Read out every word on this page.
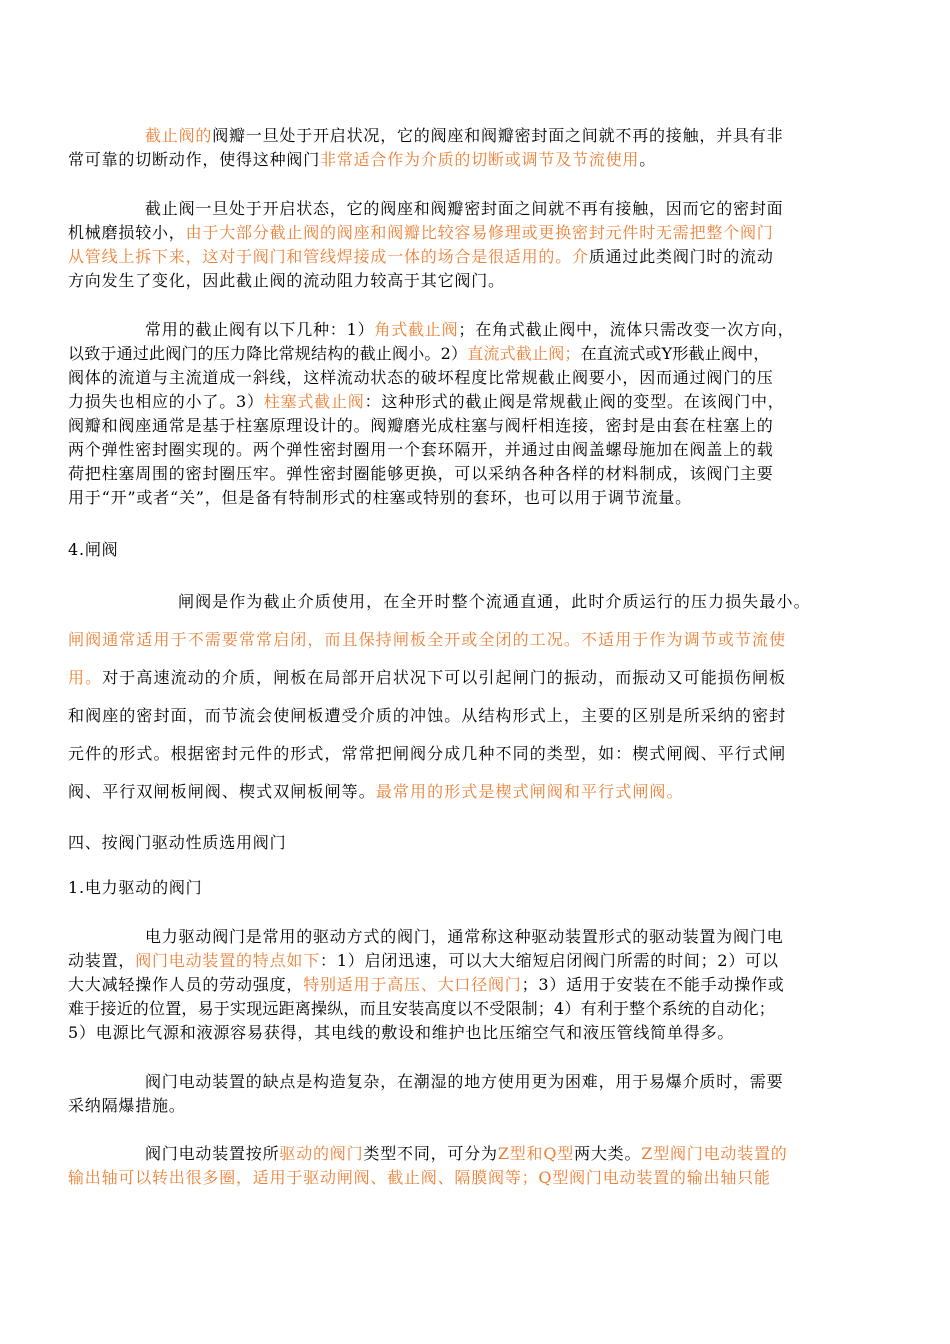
截止阀的阀瓣一旦处于开启状况，它的阀座和阀瓣密封面之间就不再的接触，并具有非
常可靠的切断动作，使得这种阀门非常适合作为介质的切断或调节及节流使用。
截止阀一旦处于开启状态，它的阀座和阀瓣密封面之间就不再有接触，因而它的密封面
机械磨损较小，由于大部分截止阀的阀座和阀瓣比较容易修理或更换密封元件时无需把整个阀门
从管线上拆下来，这对于阀门和管线焊接成一体的场合是很适用的。介质通过此类阀门时的流动
方向发生了变化，因此截止阀的流动阻力较高于其它阀门。
常用的截止阀有以下几种：1）角式截止阀；在角式截止阀中，流体只需改变一次方向，
以致于通过此阀门的压力降比常规结构的截止阀小。2）直流式截止阀；在直流式或Y形截止阀中，
阀体的流道与主流道成一斜线，这样流动状态的破坏程度比常规截止阀要小，因而通过阀门的压
力损失也相应的小了。3）柱塞式截止阀：这种形式的截止阀是常规截止阀的变型。在该阀门中，
阀瓣和阀座通常是基于柱塞原理设计的。阀瓣磨光成柱塞与阀杆相连接，密封是由套在柱塞上的
两个弹性密封圈实现的。两个弹性密封圈用一个套环隔开，并通过由阀盖螺母施加在阀盖上的载
荷把柱塞周围的密封圈压牢。弹性密封圈能够更换，可以采纳各种各样的材料制成，该阀门主要
用于“开”或者“关”，但是备有特制形式的柱塞或特别的套环，也可以用于调节流量。
4.闸阀
闸阀是作为截止介质使用，在全开时整个流通直通，此时介质运行的压力损失最小。
闸阀通常适用于不需要常常启闭，而且保持闸板全开或全闭的工况。不适用于作为调节或节流使
用。对于高速流动的介质，闸板在局部开启状况下可以引起闸门的振动，而振动又可能损伤闸板
和阀座的密封面，而节流会使闸板遭受介质的冲蚀。从结构形式上，主要的区别是所采纳的密封
元件的形式。根据密封元件的形式，常常把闸阀分成几种不同的类型，如：楔式闸阀、平行式闸
阀、平行双闸板闸阀、楔式双闸板闸等。最常用的形式是楔式闸阀和平行式闸阀。
四、按阀门驱动性质选用阀门
1.电力驱动的阀门
电力驱动阀门是常用的驱动方式的阀门，通常称这种驱动装置形式的驱动装置为阀门电
动装置，阀门电动装置的特点如下：1）启闭迅速，可以大大缩短启闭阀门所需的时间；2）可以
大大减轻操作人员的劳动强度，特别适用于高压、大口径阀门；3）适用于安装在不能手动操作或
难于接近的位置，易于实现远距离操纵，而且安装高度以不受限制；4）有利于整个系统的自动化；
5）电源比气源和液源容易获得，其电线的敷设和维护也比压缩空气和液压管线简单得多。
阀门电动装置的缺点是构造复杂，在潮湿的地方使用更为困难，用于易爆介质时，需要
采纳隔爆措施。
阀门电动装置按所驱动的阀门类型不同，可分为Z型和Q型两大类。Z型阀门电动装置的
输出轴可以转出很多圈，适用于驱动闸阀、截止阀、隔膜阀等；Q型阀门电动装置的输出轴只能
